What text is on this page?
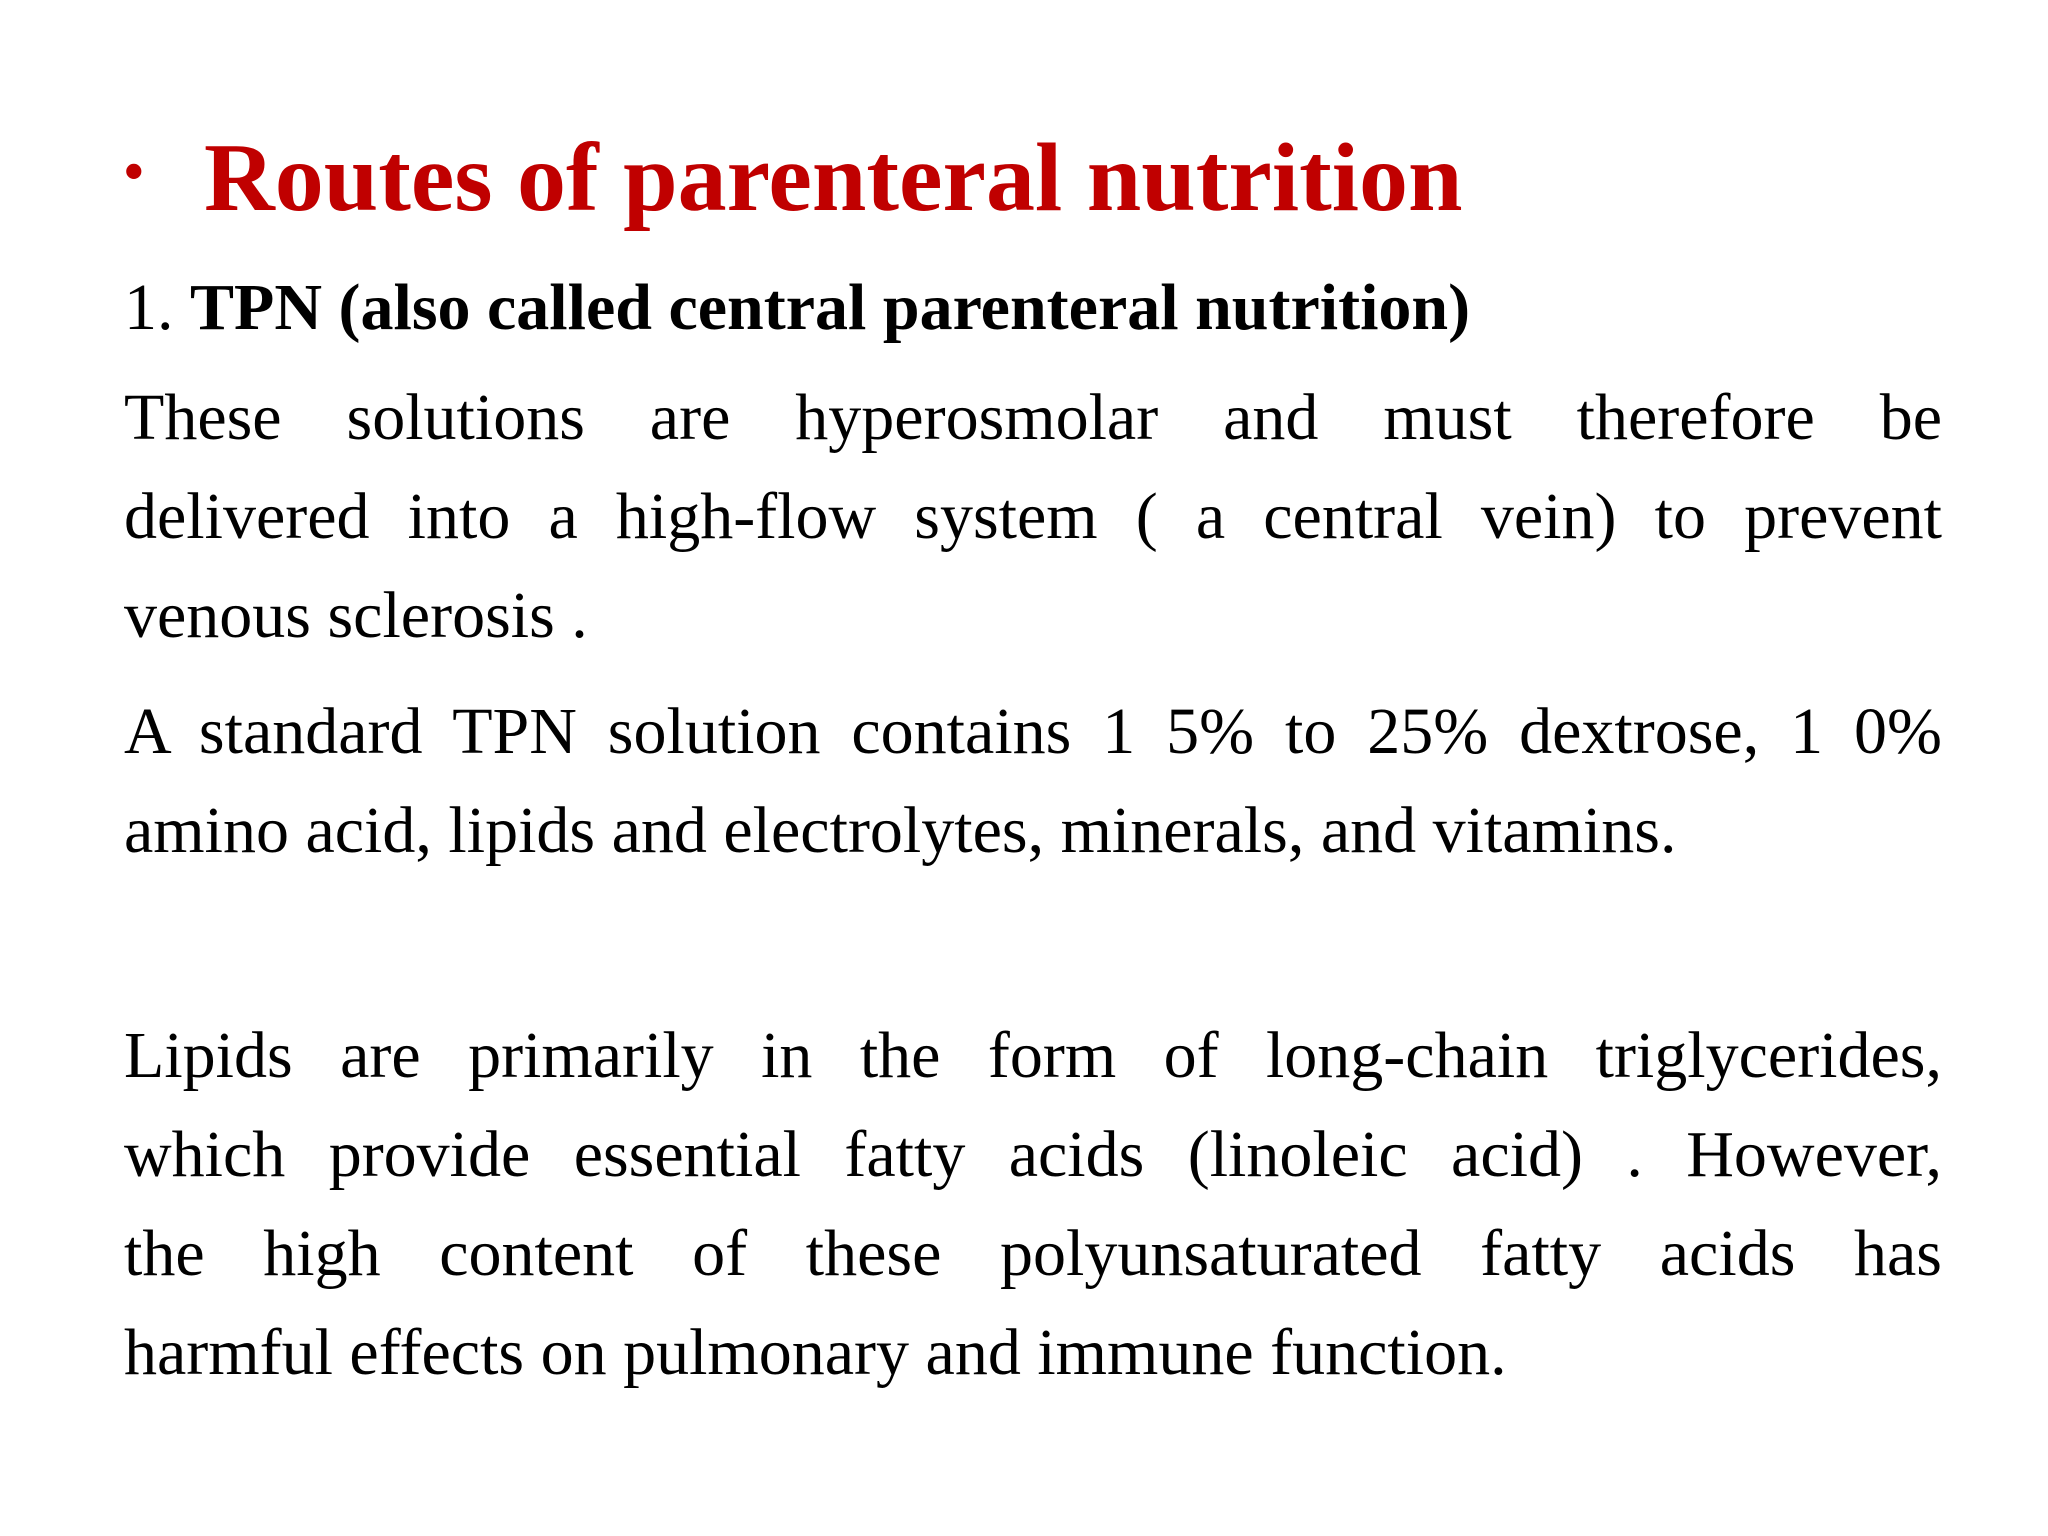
• Routes of parenteral nutrition
1. TPN (also called central parenteral nutrition)
These solutions are hyperosmolar and must therefore be
delivered into a high-flow system ( a central vein) to prevent
venous sclerosis .
A standard TPN solution contains 1 5% to 25% dextrose, 1 0%
amino acid, lipids and electrolytes, minerals, and vitamins.
Lipids are primarily in the form of long-chain triglycerides,
which provide essential fatty acids (linoleic acid) . However,
the high content of these polyunsaturated fatty acids has
harmful effects on pulmonary and immune function.
